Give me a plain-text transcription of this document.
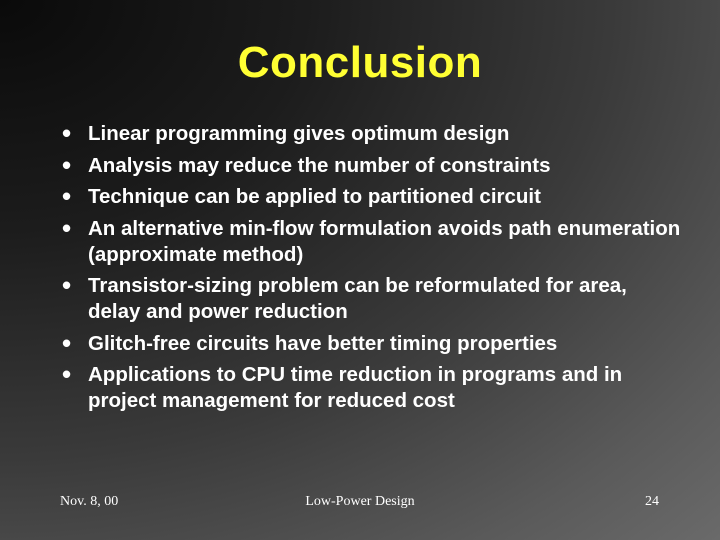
Conclusion
• Linear programming gives optimum design
• Analysis may reduce the number of constraints
• Technique can be applied to partitioned circuit
• An alternative min-flow formulation avoids path enumeration (approximate method)
• Transistor-sizing problem can be reformulated for area, delay and power reduction
• Glitch-free circuits have better timing properties
• Applications to CPU time reduction in programs and in project management for reduced cost
Nov. 8, 00	Low-Power Design	24
